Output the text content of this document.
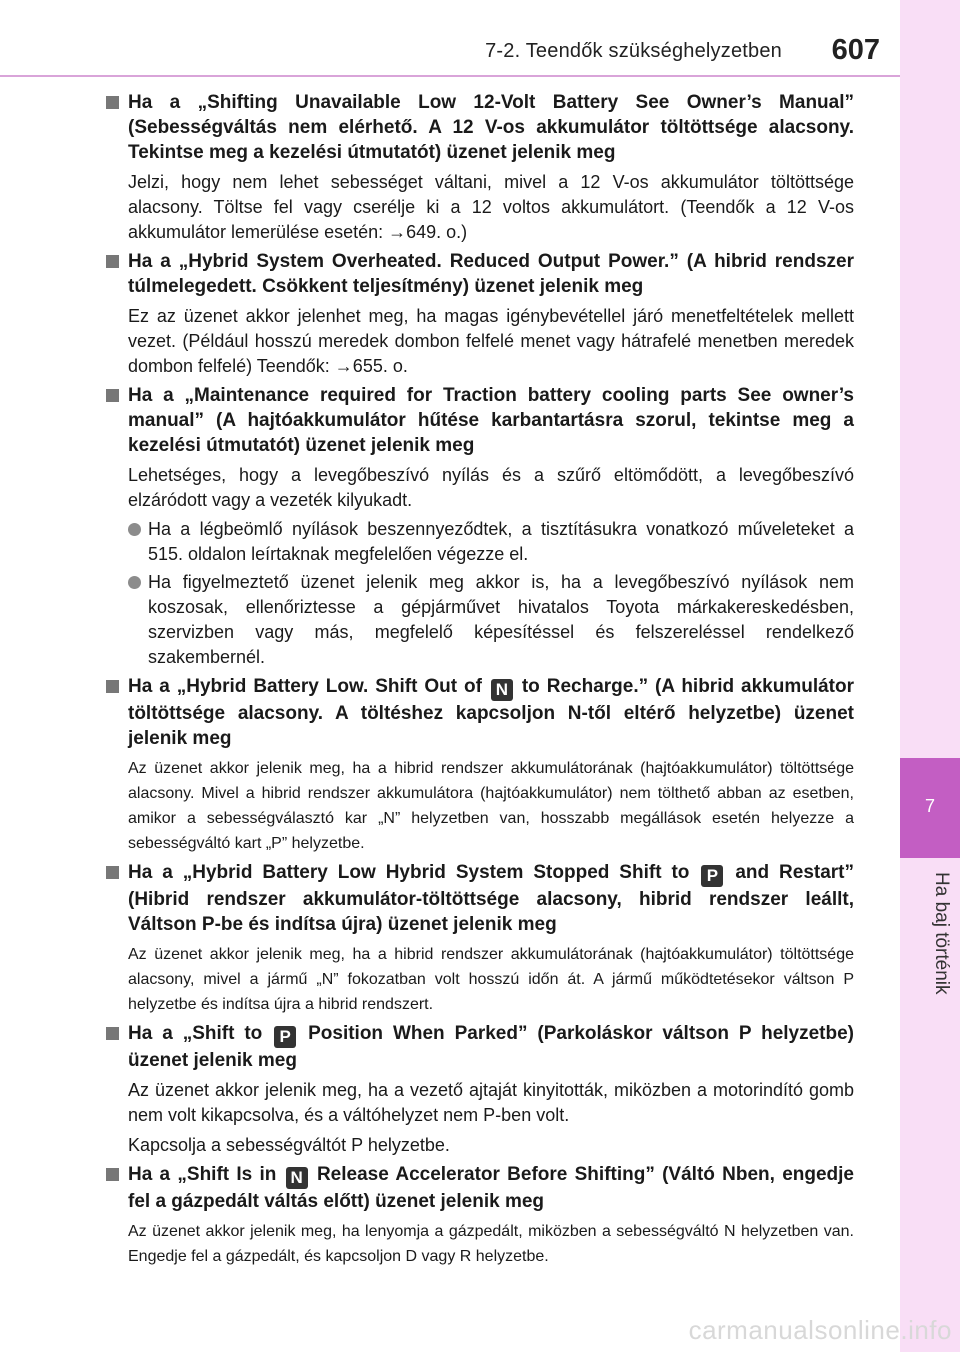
7-2. Teendők szükséghelyzetben 607
7
Ha baj történik
Ha a „Shifting Unavailable Low 12-Volt Battery See Owner’s Manual” (Sebességváltás nem elérhető. A 12 V-os akkumulátor töltöttsége alacsony. Tekintse meg a kezelési útmutatót) üzenet jelenik meg
Jelzi, hogy nem lehet sebességet váltani, mivel a 12 V-os akkumulátor töltöttsége alacsony. Töltse fel vagy cserélje ki a 12 voltos akkumulátort. (Teendők a 12 V-os akkumulátor lemerülése esetén: →649. o.)
Ha a „Hybrid System Overheated. Reduced Output Power.” (A hibrid rendszer túlmelegedett. Csökkent teljesítmény) üzenet jelenik meg
Ez az üzenet akkor jelenhet meg, ha magas igénybevétellel járó menetfeltételek mellett vezet. (Például hosszú meredek dombon felfelé menet vagy hátrafelé menetben meredek dombon felfelé) Teendők: →655. o.
Ha a „Maintenance required for Traction battery cooling parts See owner’s manual” (A hajtóakkumulátor hűtése karbantartásra szorul, tekintse meg a kezelési útmutatót) üzenet jelenik meg
Lehetséges, hogy a levegőbeszívó nyílás és a szűrő eltömődött, a levegőbeszívó elzáródott vagy a vezeték kilyukadt.
Ha a légbeömlő nyílások beszennyeződtek, a tisztításukra vonatkozó műveleteket a 515. oldalon leírtaknak megfelelően végezze el.
Ha figyelmeztető üzenet jelenik meg akkor is, ha a levegőbeszívó nyílások nem koszosak, ellenőriztesse a gépjárművet hivatalos Toyota márkakereskedésben, szervizben vagy más, megfelelő képesítéssel és felszereléssel rendelkező szakembernél.
Ha a „Hybrid Battery Low. Shift Out of N to Recharge.” (A hibrid akkumulátor töltöttsége alacsony. A töltéshez kapcsoljon N-től eltérő helyzetbe) üzenet jelenik meg
Az üzenet akkor jelenik meg, ha a hibrid rendszer akkumulátorának (hajtóakkumulátor) töltöttsége alacsony. Mivel a hibrid rendszer akkumulátora (hajtóakkumulátor) nem tölthető abban az esetben, amikor a sebességválasztó kar „N” helyzetben van, hosszabb megállások esetén helyezze a sebességváltó kart „P” helyzetbe.
Ha a „Hybrid Battery Low Hybrid System Stopped Shift to P and Restart” (Hibrid rendszer akkumulátor-töltöttsége alacsony, hibrid rendszer leállt, Váltson P-be és indítsa újra) üzenet jelenik meg
Az üzenet akkor jelenik meg, ha a hibrid rendszer akkumulátorának (hajtóakkumulátor) töltöttsége alacsony, mivel a jármű „N” fokozatban volt hosszú időn át. A jármű működtetésekor váltson P helyzetbe és indítsa újra a hibrid rendszert.
Ha a „Shift to P Position When Parked” (Parkoláskor váltson P helyzetbe) üzenet jelenik meg
Az üzenet akkor jelenik meg, ha a vezető ajtaját kinyitották, miközben a motorindító gomb nem volt kikapcsolva, és a váltóhelyzet nem P-ben volt.
Kapcsolja a sebességváltót P helyzetbe.
Ha a „Shift Is in N Release Accelerator Before Shifting” (Váltó Nben, engedje fel a gázpedált váltás előtt) üzenet jelenik meg
Az üzenet akkor jelenik meg, ha lenyomja a gázpedált, miközben a sebességváltó N helyzetben van. Engedje fel a gázpedált, és kapcsoljon D vagy R helyzetbe.
carmanualsonline.info
